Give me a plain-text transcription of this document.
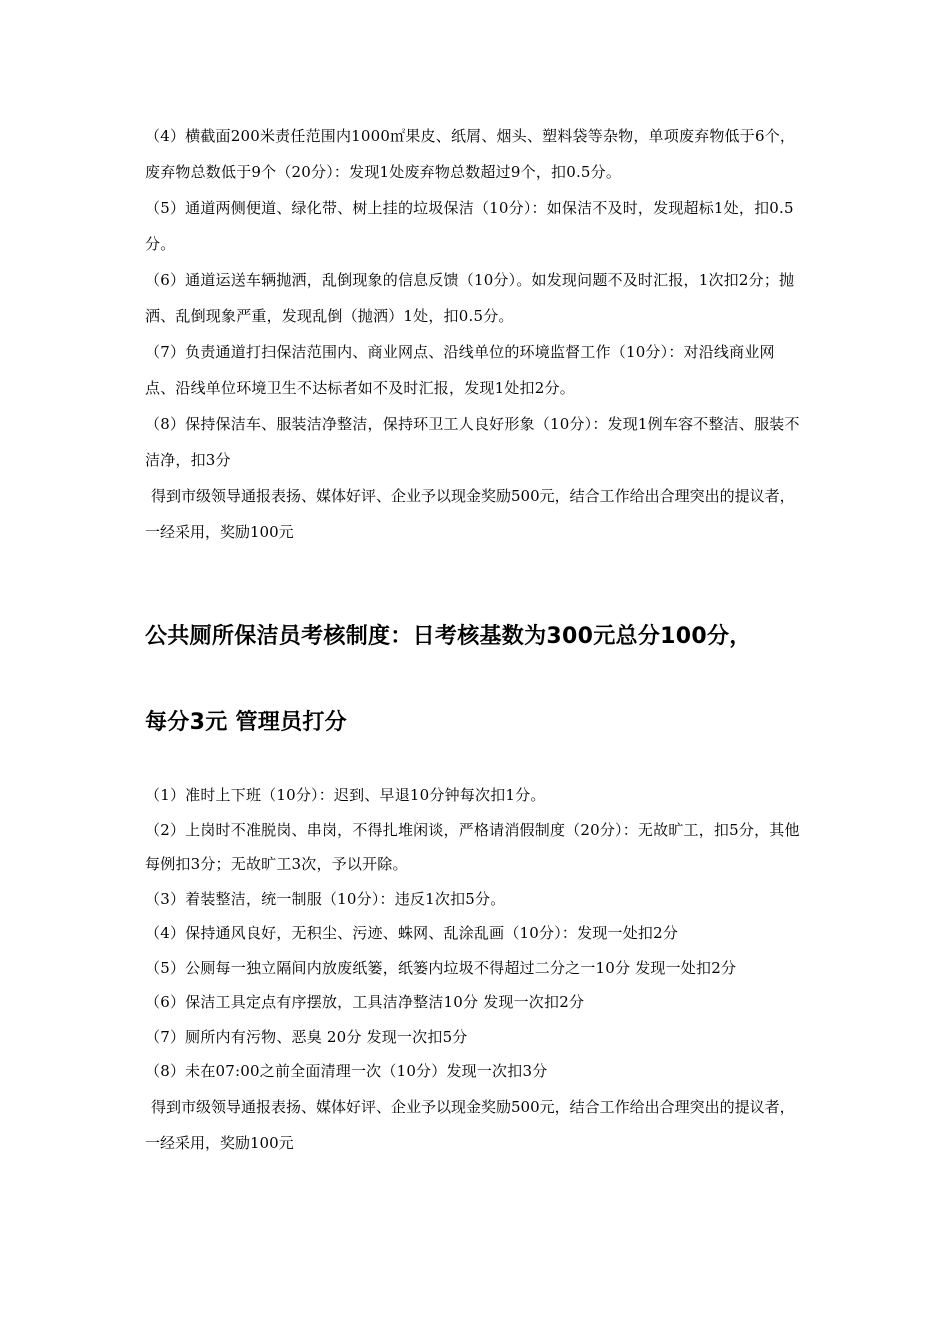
（4）横截面200米责任范围内1000㎡果皮、纸屑、烟头、塑料袋等杂物，单项废弃物低于6个，废弃物总数低于9个（20分）：发现1处废弃物总数超过9个，扣0.5分。

（5）通道两侧便道、绿化带、树上挂的垃圾保洁（10分）：如保洁不及时，发现超标1处，扣0.5分。

（6）通道运送车辆抛洒，乱倒现象的信息反馈（10分）。如发现问题不及时汇报，1次扣2分；抛洒、乱倒现象严重，发现乱倒（抛洒）1处，扣0.5分。

（7）负责通道打扫保洁范围内、商业网点、沿线单位的环境监督工作（10分）：对沿线商业网点、沿线单位环境卫生不达标者如不及时汇报，发现1处扣2分。

（8）保持保洁车、服装洁净整洁，保持环卫工人良好形象（10分）：发现1例车容不整洁、服装不洁净，扣3分

得到市级领导通报表扬、媒体好评、企业予以现金奖励500元，结合工作给出合理突出的提议者，一经采用，奖励100元

公共厕所保洁员考核制度：日考核基数为300元总分100分，

每分3元 管理员打分

（1）准时上下班（10分）：迟到、早退10分钟每次扣1分。

（2）上岗时不准脱岗、串岗，不得扎堆闲谈，严格请消假制度（20分）：无故旷工，扣5分，其他每例扣3分；无故旷工3次，予以开除。

（3）着装整洁，统一制服（10分）：违反1次扣5分。

（4）保持通风良好，无积尘、污迹、蛛网、乱涂乱画（10分）：发现一处扣2分

（5）公厕每一独立隔间内放废纸篓，纸篓内垃圾不得超过二分之一10分 发现一处扣2分

（6）保洁工具定点有序摆放，工具洁净整洁10分 发现一次扣2分

（7）厕所内有污物、恶臭 20分 发现一次扣5分

（8）未在07:00之前全面清理一次（10分）发现一次扣3分

得到市级领导通报表扬、媒体好评、企业予以现金奖励500元，结合工作给出合理突出的提议者，一经采用，奖励100元
